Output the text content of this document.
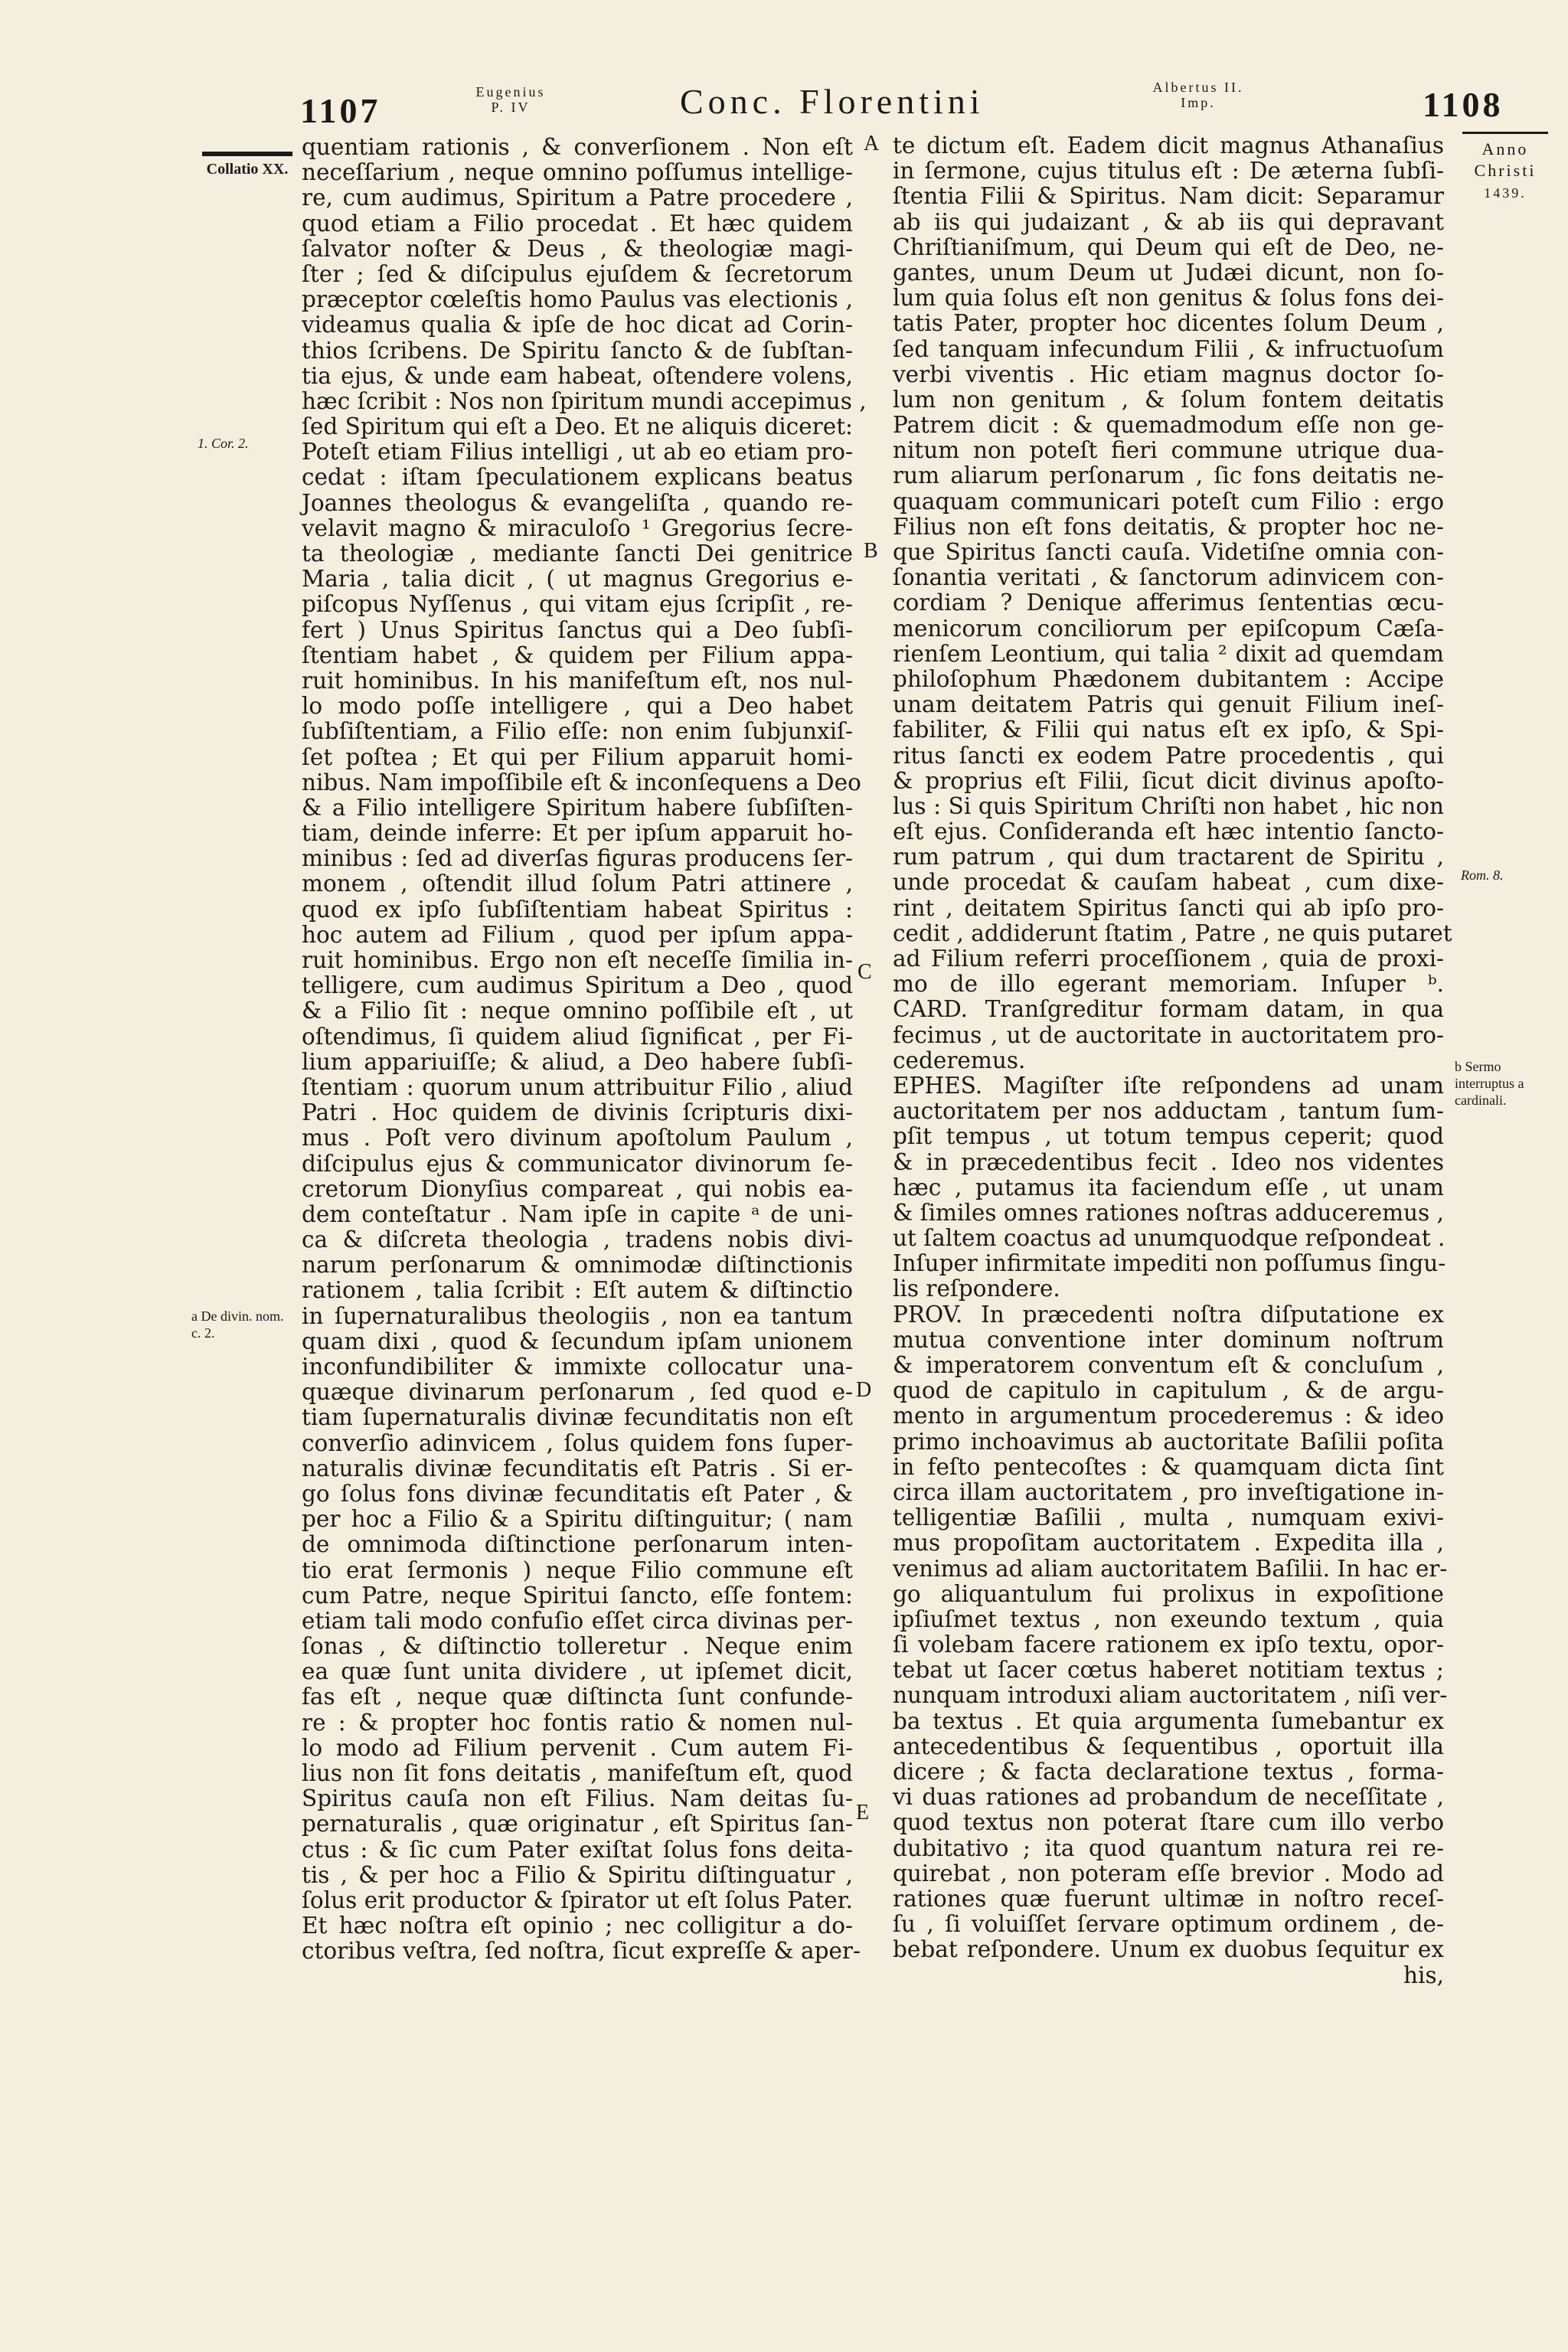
1107	Eugenius P. IV	Conc. Florentini	Albertus II. Imp.	1108
Collatio XX.
Anno Christi
1439.
1. Cor. 2.
a De divin. nom. c. 2.
Rom. 8.
b Sermo interruptus a cardinali.
A
B
C
D
E
quentiam rationis , & converſionem . Non eſt
neceſſarium , neque omnino poſſumus intellige-
re, cum audimus, Spiritum a Patre procedere ,
quod etiam a Filio procedat . Et hæc quidem
ſalvator noſter & Deus , & theologiæ magi-
ſter ; ſed & diſcipulus ejuſdem & ſecretorum
præceptor cœleſtis homo Paulus vas electionis ,
videamus qualia & ipſe de hoc dicat ad Corin-
thios ſcribens. De Spiritu ſancto & de ſubſtan-
tia ejus, & unde eam habeat, oſtendere volens,
hæc ſcribit : Nos non ſpiritum mundi accepimus ,
ſed Spiritum qui eſt a Deo. Et ne aliquis diceret:
Poteſt etiam Filius intelligi , ut ab eo etiam pro-
cedat : iſtam ſpeculationem explicans beatus
Joannes theologus & evangeliſta , quando re-
velavit magno & miraculoſo ¹ Gregorius ſecre-
ta theologiæ , mediante ſancti Dei genitrice
Maria , talia dicit , ( ut magnus Gregorius e-
piſcopus Nyſſenus , qui vitam ejus ſcripſit , re-
fert ) Unus Spiritus ſanctus qui a Deo ſubſi-
ſtentiam habet , & quidem per Filium appa-
ruit hominibus. In his manifeſtum eſt, nos nul-
lo modo poſſe intelligere , qui a Deo habet
ſubſiſtentiam, a Filio eſſe: non enim ſubjunxiſ-
ſet poſtea ; Et qui per Filium apparuit homi-
nibus. Nam impoſſibile eſt & inconſequens a Deo
& a Filio intelligere Spiritum habere ſubſiſten-
tiam, deinde inferre: Et per ipſum apparuit ho-
minibus : ſed ad diverſas figuras producens ſer-
monem , oſtendit illud ſolum Patri attinere ,
quod ex ipſo ſubſiſtentiam habeat Spiritus :
hoc autem ad Filium , quod per ipſum appa-
ruit hominibus. Ergo non eſt neceſſe ſimilia in-
telligere, cum audimus Spiritum a Deo , quod
& a Filio ſit : neque omnino poſſibile eſt , ut
oſtendimus, ſi quidem aliud ſignificat , per Fi-
lium appariuiſſe; & aliud, a Deo habere ſubſi-
ſtentiam : quorum unum attribuitur Filio , aliud
Patri . Hoc quidem de divinis ſcripturis dixi-
mus . Poſt vero divinum apoſtolum Paulum ,
diſcipulus ejus & communicator divinorum ſe-
cretorum Dionyſius compareat , qui nobis ea-
dem conteſtatur . Nam ipſe in capite ᵃ de uni-
ca & diſcreta theologia , tradens nobis divi-
narum perſonarum & omnimodæ diſtinctionis
rationem , talia ſcribit : Eſt autem & diſtinctio
in ſupernaturalibus theologiis , non ea tantum
quam dixi , quod & ſecundum ipſam unionem
inconfundibiliter & immixte collocatur una-
quæque divinarum perſonarum , ſed quod e-
tiam ſupernaturalis divinæ fecunditatis non eſt
converſio adinvicem , ſolus quidem fons ſuper-
naturalis divinæ fecunditatis eſt Patris . Si er-
go ſolus fons divinæ fecunditatis eſt Pater , &
per hoc a Filio & a Spiritu diſtinguitur; ( nam
de omnimoda diſtinctione perſonarum inten-
tio erat ſermonis ) neque Filio commune eſt
cum Patre, neque Spiritui ſancto, eſſe fontem:
etiam tali modo confuſio eſſet circa divinas per-
ſonas , & diſtinctio tolleretur . Neque enim
ea quæ ſunt unita dividere , ut ipſemet dicit,
fas eſt , neque quæ diſtincta ſunt confunde-
re : & propter hoc fontis ratio & nomen nul-
lo modo ad Filium pervenit . Cum autem Fi-
lius non ſit fons deitatis , manifeſtum eſt, quod
Spiritus cauſa non eſt Filius. Nam deitas ſu-
pernaturalis , quæ originatur , eſt Spiritus ſan-
ctus : & ſic cum Pater exiſtat ſolus fons deita-
tis , & per hoc a Filio & Spiritu diſtinguatur ,
ſolus erit productor & ſpirator ut eſt ſolus Pater.
Et hæc noſtra eſt opinio ; nec colligitur a do-
ctoribus veſtra, ſed noſtra, ſicut expreſſe & aper-
te dictum eſt. Eadem dicit magnus Athanaſius
in ſermone, cujus titulus eſt : De æterna ſubſi-
ſtentia Filii & Spiritus. Nam dicit: Separamur
ab iis qui judaizant , & ab iis qui depravant
Chriſtianiſmum, qui Deum qui eſt de Deo, ne-
gantes, unum Deum ut Judæi dicunt, non ſo-
lum quia ſolus eſt non genitus & ſolus fons dei-
tatis Pater, propter hoc dicentes ſolum Deum ,
ſed tanquam infecundum Filii , & infructuoſum
verbi viventis . Hic etiam magnus doctor ſo-
lum non genitum , & ſolum fontem deitatis
Patrem dicit : & quemadmodum eſſe non ge-
nitum non poteſt fieri commune utrique dua-
rum aliarum perſonarum , ſic fons deitatis ne-
quaquam communicari poteſt cum Filio : ergo
Filius non eſt fons deitatis, & propter hoc ne-
que Spiritus ſancti cauſa. Videtiſne omnia con-
ſonantia veritati , & ſanctorum adinvicem con-
cordiam ? Denique afferimus ſententias œcu-
menicorum conciliorum per epiſcopum Cæſa-
rienſem Leontium, qui talia ² dixit ad quemdam
philoſophum Phædonem dubitantem : Accipe
unam deitatem Patris qui genuit Filium ineſ-
fabiliter, & Filii qui natus eſt ex ipſo, & Spi-
ritus ſancti ex eodem Patre procedentis , qui
& proprius eſt Filii, ſicut dicit divinus apoſto-
lus : Si quis Spiritum Chriſti non habet , hic non
eſt ejus. Conſideranda eſt hæc intentio ſancto-
rum patrum , qui dum tractarent de Spiritu ,
unde procedat & cauſam habeat , cum dixe-
rint , deitatem Spiritus ſancti qui ab ipſo pro-
cedit , addiderunt ſtatim , Patre , ne quis putaret
ad Filium referri proceſſionem , quia de proxi-
mo de illo egerant memoriam. Inſuper ᵇ.
CARD. Tranſgreditur formam datam, in qua
fecimus , ut de auctoritate in auctoritatem pro-
cederemus.
EPHES. Magiſter iſte reſpondens ad unam
auctoritatem per nos adductam , tantum ſum-
pſit tempus , ut totum tempus ceperit; quod
& in præcedentibus fecit . Ideo nos videntes
hæc , putamus ita faciendum eſſe , ut unam
& ſimiles omnes rationes noſtras adduceremus ,
ut ſaltem coactus ad unumquodque reſpondeat .
Inſuper infirmitate impediti non poſſumus ſingu-
lis reſpondere.
PROV. In præcedenti noſtra diſputatione ex
mutua conventione inter dominum noſtrum
& imperatorem conventum eſt & concluſum ,
quod de capitulo in capitulum , & de argu-
mento in argumentum procederemus : & ideo
primo inchoavimus ab auctoritate Baſilii poſita
in feſto pentecoſtes : & quamquam dicta ſint
circa illam auctoritatem , pro inveſtigatione in-
telligentiæ Baſilii , multa , numquam exivi-
mus propoſitam auctoritatem . Expedita illa ,
venimus ad aliam auctoritatem Baſilii. In hac er-
go aliquantulum fui prolixus in expoſitione
ipſiuſmet textus , non exeundo textum , quia
ſi volebam facere rationem ex ipſo textu, opor-
tebat ut ſacer cœtus haberet notitiam textus ;
nunquam introduxi aliam auctoritatem , niſi ver-
ba textus . Et quia argumenta ſumebantur ex
antecedentibus & ſequentibus , oportuit illa
dicere ; & facta declaratione textus , forma-
vi duas rationes ad probandum de neceſſitate ,
quod textus non poterat ſtare cum illo verbo
dubitativo ; ita quod quantum natura rei re-
quirebat , non poteram eſſe brevior . Modo ad
rationes quæ fuerunt ultimæ in noſtro receſ-
ſu , ſi voluiſſet ſervare optimum ordinem , de-
bebat reſpondere. Unum ex duobus ſequitur ex
his,
